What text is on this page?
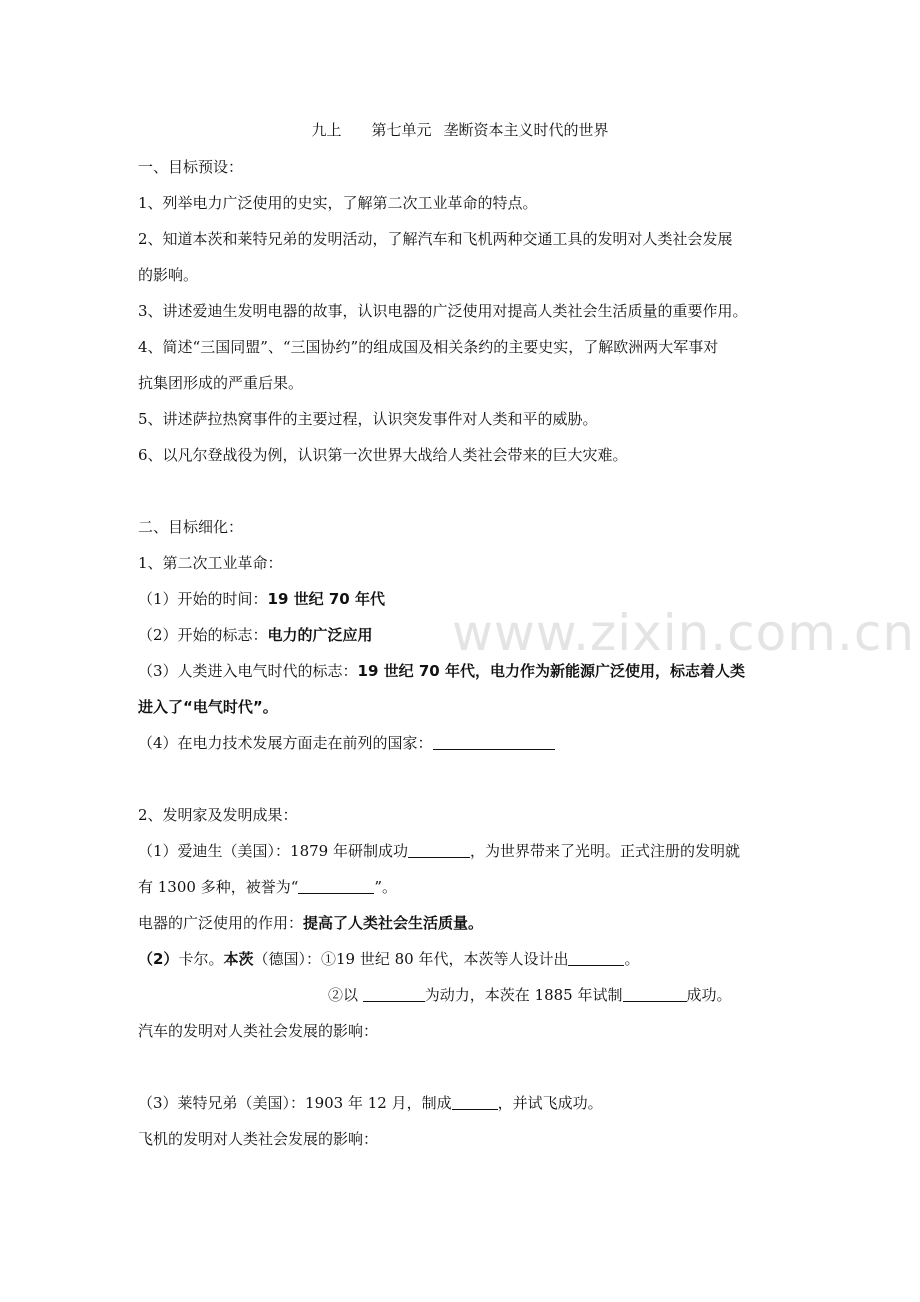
九上 第七单元 垄断资本主义时代的世界
一、目标预设：
1、列举电力广泛使用的史实，了解第二次工业革命的特点。
2、知道本茨和莱特兄弟的发明活动，了解汽车和飞机两种交通工具的发明对人类社会发展
的影响。
3、讲述爱迪生发明电器的故事，认识电器的广泛使用对提高人类社会生活质量的重要作用。
4、简述“三国同盟”、“三国协约”的组成国及相关条约的主要史实，了解欧洲两大军事对
抗集团形成的严重后果。
5、讲述萨拉热窝事件的主要过程，认识突发事件对人类和平的威胁。
6、以凡尔登战役为例，认识第一次世界大战给人类社会带来的巨大灾难。
二、目标细化：
1、第二次工业革命：
（1）开始的时间：19 世纪 70 年代
（2）开始的标志：电力的广泛应用
（3）人类进入电气时代的标志：19 世纪 70 年代，电力作为新能源广泛使用，标志着人类
进入了“电气时代”。
（4）在电力技术发展方面走在前列的国家：
2、发明家及发明成果：
（1）爱迪生（美国）：1879 年研制成功	，为世界带来了光明。正式注册的发明就
有 1300 多种，被誉为“	”。
电器的广泛使用的作用：提高了人类社会生活质量。
（2）卡尔。本茨（德国）：①19 世纪 80 年代，本茨等人设计出	。
②以	为动力，本茨在 1885 年试制	成功。
汽车的发明对人类社会发展的影响：
（3）莱特兄弟（美国）：1903 年 12 月，制成	，并试飞成功。
飞机的发明对人类社会发展的影响：
www.zixin.com.cn
